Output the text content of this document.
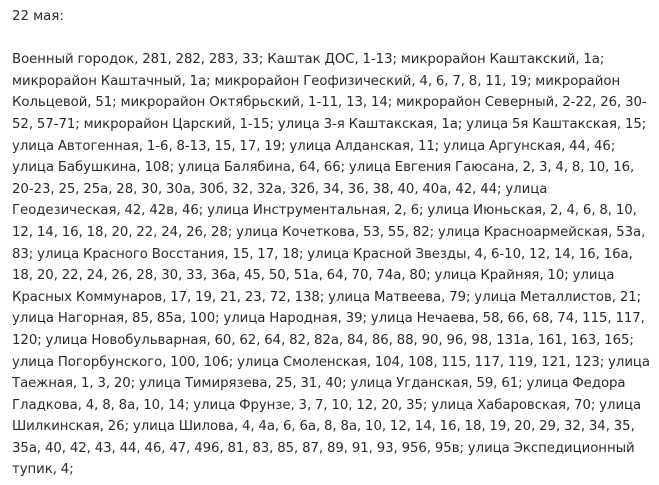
22 мая:

Военный городок, 281, 282, 283, 33; Каштак ДОС, 1-13; микрорайон Каштакский, 1а; микрорайон Каштачный, 1а; микрорайон Геофизический, 4, 6, 7, 8, 11, 19; микрорайон Кольцевой, 51; микрорайон Октябрьский, 1-11, 13, 14; микрорайон Северный, 2-22, 26, 30-52, 57-71; микрорайон Царский, 1-15; улица 3-я Каштакская, 1а; улица 5я Каштакская, 15; улица Автогенная, 1-6, 8-13, 15, 17, 19; улица Алданская, 11; улица Аргунская, 44, 46; улица Бабушкина, 108; улица Балябина, 64, 66; улица Евгения Гаюсана, 2, 3, 4, 8, 10, 16, 20-23, 25, 25а, 28, 30, 30а, 30б, 32, 32а, 32б, 34, 36, 38, 40, 40а, 42, 44; улица Геодезическая, 42, 42в, 46; улица Инструментальная, 2, 6; улица Июньская, 2, 4, 6, 8, 10, 12, 14, 16, 18, 20, 22, 24, 26, 28; улица Кочеткова, 53, 55, 82; улица Красноармейская, 53а, 83; улица Красного Восстания, 15, 17, 18; улица Красной Звезды, 4, 6-10, 12, 14, 16, 16а, 18, 20, 22, 24, 26, 28, 30, 33, 36а, 45, 50, 51а, 64, 70, 74а, 80; улица Крайняя, 10; улица Красных Коммунаров, 17, 19, 21, 23, 72, 138; улица Матвеева, 79; улица Металлистов, 21; улица Нагорная, 85, 85а, 100; улица Народная, 39; улица Нечаева, 58, 66, 68, 74, 115, 117, 120; улица Новобульварная, 60, 62, 64, 82, 82а, 84, 86, 88, 90, 96, 98, 131а, 161, 163, 165; улица Погорбунского, 100, 106; улица Смоленская, 104, 108, 115, 117, 119, 121, 123; улица Таежная, 1, 3, 20; улица Тимирязева, 25, 31, 40; улица Угданская, 59, 61; улица Федора Гладкова, 4, 8, 8а, 10, 14; улица Фрунзе, 3, 7, 10, 12, 20, 35; улица Хабаровская, 70; улица Шилкинская, 26; улица Шилова, 4, 4а, 6, 6а, 8, 8а, 10, 12, 14, 16, 18, 19, 20, 29, 32, 34, 35, 35а, 40, 42, 43, 44, 46, 47, 496, 81, 83, 85, 87, 89, 91, 93, 956, 95в; улица Экспедиционный тупик, 4;
